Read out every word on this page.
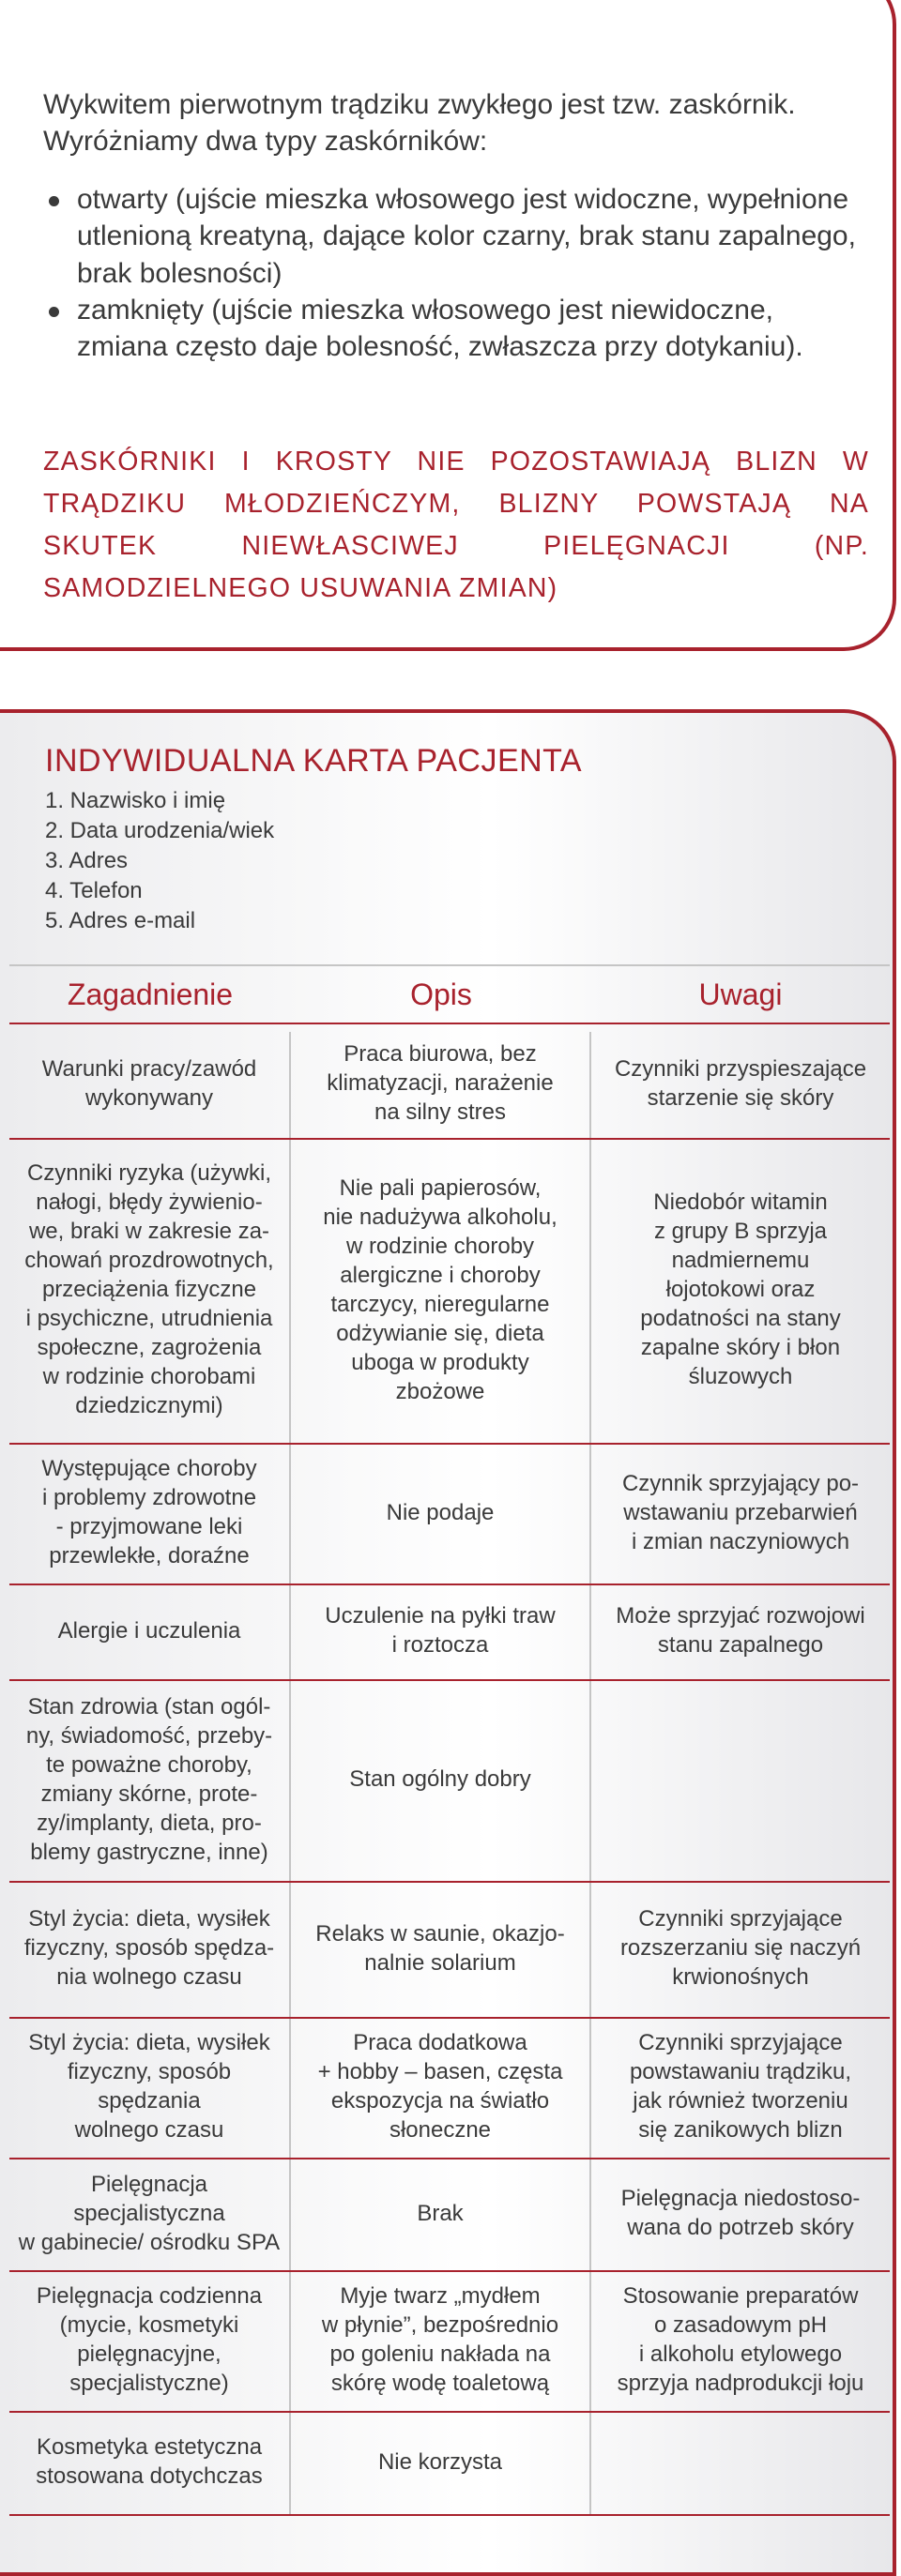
Wykwitem pierwotnym trądziku zwykłego jest tzw. zaskórnik. Wyróżniamy dwa typy zaskórników:

otwarty (ujście mieszka włosowego jest widoczne, wypełnione utlenioną kreatyną, dające kolor czarny, brak stanu zapalnego, brak bolesności)
zamknięty (ujście mieszka włosowego jest niewidoczne, zmiana często daje bolesność, zwłaszcza przy dotykaniu).

ZASKÓRNIKI I KROSTY NIE POZOSTAWIAJĄ BLIZN W TRĄDZIKU MŁODZIEŃCZYM, BLIZNY POWSTAJĄ NA SKUTEK NIEWŁASCIWEJ PIELĘGNACJI (NP. SAMODZIELNEGO USUWANIA ZMIAN)

INDYWIDUALNA KARTA PACJENTA
1. Nazwisko i imię
2. Data urodzenia/wiek
3. Adres
4. Telefon
5. Adres e-mail
Zagadnienie	Opis	Uwagi
Warunki pracy/zawód
wykonywany
Praca biurowa, bez
klimatyzacji, narażenie
na silny stres
Czynniki przyspieszające
starzenie się skóry
Czynniki ryzyka (używki,
nałogi, błędy żywienio-
we, braki w zakresie za-
chowań prozdrowotnych,
przeciążenia fizyczne
i psychiczne, utrudnienia
społeczne, zagrożenia
w rodzinie chorobami
dziedzicznymi)
Nie pali papierosów,
nie nadużywa alkoholu,
w rodzinie choroby
alergiczne i choroby
tarczycy, nieregularne
odżywianie się, dieta
uboga w produkty
zbożowe
Niedobór witamin
z grupy B sprzyja
nadmiernemu
łojotokowi oraz
podatności na stany
zapalne skóry i błon
śluzowych
Występujące choroby
i problemy zdrowotne
- przyjmowane leki
przewlekłe, doraźne
Nie podaje
Czynnik sprzyjający po-
wstawaniu przebarwień
i zmian naczyniowych
Alergie i uczulenia
Uczulenie na pyłki traw
i roztocza
Może sprzyjać rozwojowi
stanu zapalnego
Stan zdrowia (stan ogól-
ny, świadomość, przeby-
te poważne choroby,
zmiany skórne, prote-
zy/implanty, dieta, pro-
blemy gastryczne, inne)
Stan ogólny dobry
Styl życia: dieta, wysiłek
fizyczny, sposób spędza-
nia wolnego czasu
Relaks w saunie, okazjo-
nalnie solarium
Czynniki sprzyjające
rozszerzaniu się naczyń
krwionośnych
Styl życia: dieta, wysiłek
fizyczny, sposób spędzania
wolnego czasu
Praca dodatkowa
+ hobby – basen, częsta
ekspozycja na światło
słoneczne
Czynniki sprzyjające
powstawaniu trądziku,
jak również tworzeniu
się zanikowych blizn
Pielęgnacja
specjalistyczna
w gabinecie/ ośrodku SPA
Brak
Pielęgnacja niedostoso-
wana do potrzeb skóry
Pielęgnacja codzienna
(mycie, kosmetyki
pielęgnacyjne,
specjalistyczne)
Myje twarz „mydłem
w płynie”, bezpośrednio
po goleniu nakłada na
skórę wodę toaletową
Stosowanie preparatów
o zasadowym pH
i alkoholu etylowego
sprzyja nadprodukcji łoju
Kosmetyka estetyczna
stosowana dotychczas
Nie korzysta
